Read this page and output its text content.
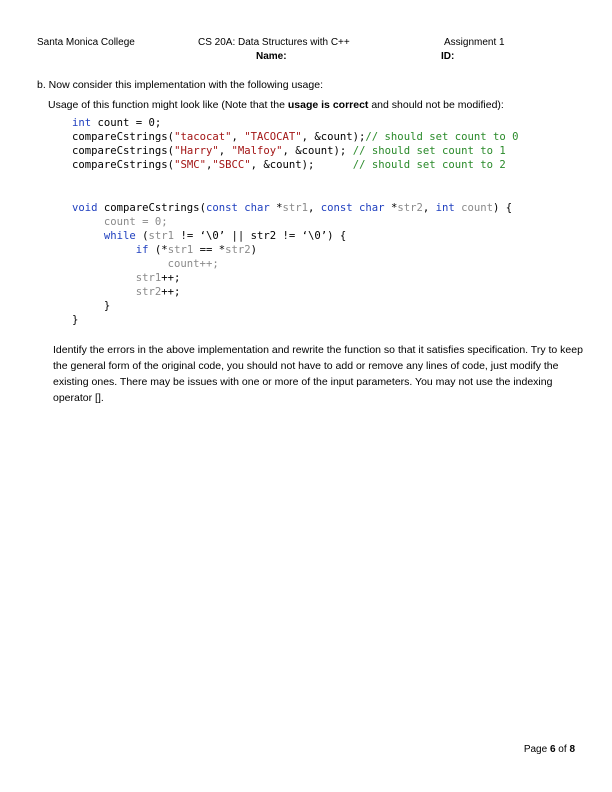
Santa Monica College	CS 20A: Data Structures with C++	Assignment 1
Name:	ID:
b. Now consider this implementation with the following usage:
Usage of this function might look like (Note that the usage is correct and should not be modified):
int count = 0;
compareCstrings("tacocat", "TACOCAT", &count);// should set count to 0
compareCstrings("Harry", "Malfoy", &count); // should set count to 1
compareCstrings("SMC","SBCC", &count);      // should set count to 2
void compareCstrings(const char *str1, const char *str2, int count) {
count = 0;
while (str1 != ‘\0’ || str2 != ‘\0’) {
if (*str1 == *str2)
count++;
str1++;
str2++;
}
}
Identify the errors in the above implementation and rewrite the function so that it satisfies specification. Try to keep the general form of the original code, you should not have to add or remove any lines of code, just modify the existing ones. There may be issues with one or more of the input parameters. You may not use the indexing operator [].
Page 6 of 8
